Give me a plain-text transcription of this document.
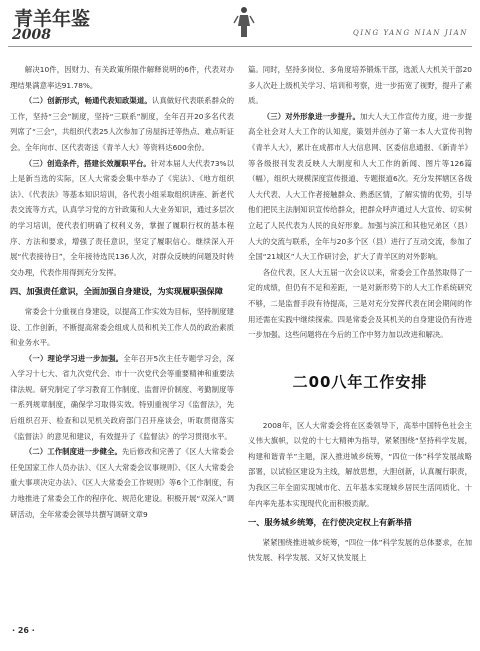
青羊年鉴
2008	QING YANG NIAN JIAN

解决10件，因财力、有关政策所限作解释说明的6件，代表对办理结果满意率达91.78%。

（二）创新形式，畅通代表知政渠道。认真做好代表联系群众的工作，坚持“三会”制度，坚持“三联系”制度，全年召开20多名代表列席了“三会”，共组织代表25人次参加了房屋拆迁等热点、难点听证会。全年向市、区代表寄送《青羊人大》等资料达600余份。

（三）创造条件，搭建长效履职平台。针对本届人大代表73%以上是新当选的实际，区人大常委会集中举办了《宪法》、《地方组织法》、《代表法》等基本知识培训，各代表小组采取组织讲座、新老代表交流等方式，认真学习党的方针政策和人大业务知识，通过多层次的学习培训，使代表们明确了权利义务，掌握了履职行权的基本程序、方法和要求，增强了责任意识，坚定了履职信心。继续深入开展“代表接待日”，全年接待选民136人次，对群众反映的问题及时转交办理，代表作用得到充分发挥。

四、加强责任意识，全面加强自身建设，为实现履职强保障

常委会十分重视自身建设，以提高工作实效为目标，坚持制度建设、工作创新，不断提高常委会组成人员和机关工作人员的政治素质和业务水平。

（一）理论学习进一步加强。全年召开5次主任专题学习会，深入学习十七大、省九次党代会、市十一次党代会等重要精神和重要法律法规。研究制定了学习教育工作制度、监督评价制度、考勤制度等一系列规章制度，确保学习取得实效。特别重视学习《监督法》，先后组织召开、检查和以见机关政府部门召开座谈会，听取贯彻落实《监督法》的意见和建议，有效提升了《监督法》的学习贯彻水平。

（二）工作制度进一步健全。先后修改和完善了《区人大常委会任免国家工作人员办法》、《区人大常委会议事规则》、《区人大常委会重大事项决定办法》、《区人大常委会工作规则》等6个工作制度，有力地推进了常委会工作的程序化、规范化建设。积极开展“双深入”调研活动，全年常委会领导共撰写调研文章9

篇。同时，坚持多岗位、多角度培养锻炼干部，选派人大机关干部20多人次赴上级机关学习、培训和考察，进一步拓宽了视野，提升了素质。

（三）对外形象进一步提升。加大人大工作宣传力度，进一步提高全社会对人大工作的认知度，策划并创办了第一本人大宣传刊物《青羊人大》，累计在成都市人大信息网、区委信息通报、《新青羊》等各级报刊发表反映人大制度和人大工作的新闻、图片等126篇（幅），组织大规模深度宣传报道、专题报道6次。充分发挥辖区各级人大代表、人大工作者接触群众、熟悉区情，了解实情的优势，引导他们把民主法制知识宣传给群众，把群众呼声通过人大宣传、切实树立起了人民代表为人民的良好形象。加强与滨江和其他兄弟区（县）人大的交流与联系，全年与20多个区（县）进行了互动交流，参加了全国“21城区”人大工作研讨会，扩大了青羊区的对外影响。

各位代表，区人大五届一次会议以来，常委会工作虽然取得了一定的成绩，但仍有不足和差距，一是对新形势下的人大工作系统研究不够，二是监督手段有待提高，三是对充分发挥代表在闭会期间的作用还需在实践中继续探索。四是常委会及其机关的自身建设仍有待进一步加强。这些问题将在今后的工作中努力加以改进和解决。

二00八年工作安排

2008年，区人大常委会将在区委领导下，高举中国特色社会主义伟大旗帜，以党的十七大精神为指导，紧紧围绕“坚持科学发展，构建和谐青羊”主题，深入推进城乡统筹，“四位一体”科学发展战略部署，以试验区建设为主线，解放思想，大胆创新，认真履行职责，为我区三年全面实现城市化、五年基本实现城乡居民生活同质化、十年内率先基本实现现代化而积极贡献。

一、服务城乡统筹，在行使决定权上有新举措

紧紧围绕推进城乡统筹，“四位一体”科学发展的总体要求，在加快发展、科学发展、又好又快发展上

· 26 ·
